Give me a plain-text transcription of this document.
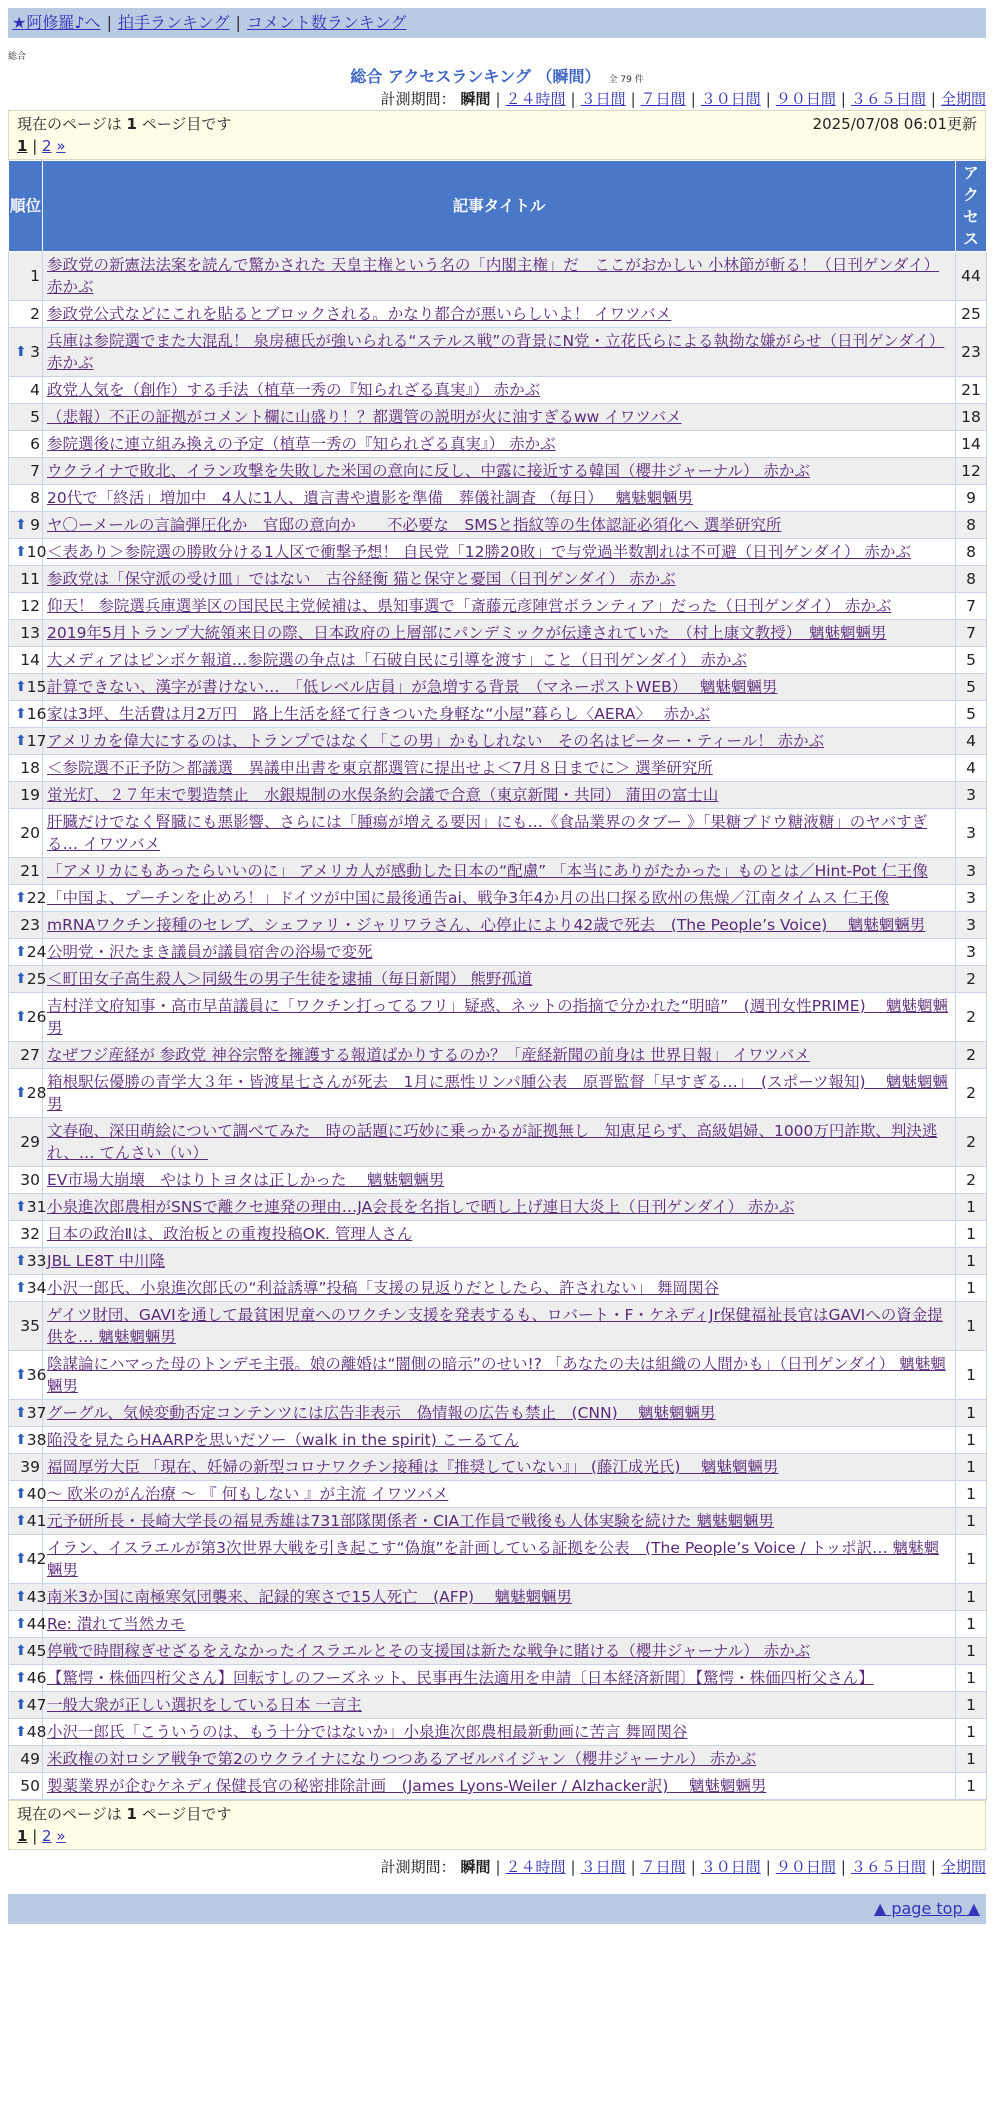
★阿修羅♪へ | 拍手ランキング | コメント数ランキング
総合
総合 アクセスランキング （瞬間） 全 79 件
計測期間： 瞬間 | ２４時間 | ３日間 | ７日間 | ３０日間 | ９０日間 | ３６５日間 | 全期間
現在のページは 1 ページ目です	2025/07/08 06:01更新
1 | 2 »
順位	記事タイトル	アクセス
1	参政党の新憲法法案を読んで驚かされた 天皇主権という名の「内閣主権」だ　ここがおかしい 小林節が斬る！（日刊ゲンダイ） 赤かぶ	44
2	参政党公式などにこれを貼るとブロックされる。かなり都合が悪いらしいよ！ イワツバメ	25

⬆ 3	兵庫は参院選でまた大混乱！ 泉房穂氏が強いられる“ステルス戦”の背景にN党・立花氏らによる執拗な嫌がらせ（日刊ゲンダイ） 赤かぶ	23
4	政党人気を（創作）する手法（植草一秀の『知られざる真実』） 赤かぶ	21
5	（悲報）不正の証拠がコメント欄に山盛り！？都選管の説明が火に油すぎるww イワツバメ	18
6	参院選後に連立組み換えの予定（植草一秀の『知られざる真実』） 赤かぶ	14
7	ウクライナで敗北、イラン攻撃を失敗した米国の意向に反し、中露に接近する韓国（櫻井ジャーナル） 赤かぶ	12
8	20代で「終活」増加中　4人に1人、遺言書や遺影を準備　葬儀社調査 （毎日）　 魑魅魍魎男	9

⬆ 9	ヤ〇ーメールの言論弾圧化か　官邸の意向か　　不必要な　SMSと指紋等の生体認証必須化へ 選挙研究所	8

⬆ 10	＜表あり＞参院選の勝敗分ける1人区で衝撃予想！ 自民党「12勝20敗」で与党過半数割れは不可避（日刊ゲンダイ） 赤かぶ	8
11	参政党は「保守派の受け皿」ではない　古谷経衡 猫と保守と憂国（日刊ゲンダイ） 赤かぶ	8
12	仰天！ 参院選兵庫選挙区の国民民主党候補は、県知事選で「斎藤元彦陣営ボランティア」だった（日刊ゲンダイ） 赤かぶ	7
13	2019年5月トランプ大統領来日の際、日本政府の上層部にパンデミックが伝達されていた　（村上康文教授）　魑魅魍魎男	7
14	大メディアはピンボケ報道…参院選の争点は「石破自民に引導を渡す」こと（日刊ゲンダイ） 赤かぶ	5

⬆ 15	計算できない、漢字が書けない…　「低レベル店員」が急増する背景　（マネーポストWEB）　 魑魅魍魎男	5

⬆ 16	家は3坪、生活費は月2万円　路上生活を経て行きついた身軽な“小屋”暮らし〈AERA〉　 赤かぶ	5

⬆ 17	アメリカを偉大にするのは、トランプではなく「この男」かもしれない　その名はピーター・ティール！ 赤かぶ	4
18	＜参院選不正予防＞都議選　異議申出書を東京都選管に提出せよ＜7月８日までに＞ 選挙研究所	4
19	蛍光灯、２７年末で製造禁止　水銀規制の水俣条約会議で合意（東京新聞・共同） 蒲田の富士山	3
20	肝臓だけでなく腎臓にも悪影響、さらには「腫瘍が増える要因」にも…《食品業界のタブー 》「果糖ブドウ糖液糖」のヤバすぎる… イワツバメ	3
21	「アメリカにもあったらいいのに」 アメリカ人が感動した日本の“配慮” 「本当にありがたかった」ものとは／Hint-Pot 仁王像	3

⬆ 22	「中国よ、プーチンを止めろ！」ドイツが中国に最後通告ai、戦争3年4か月の出口探る欧州の焦燥／江南タイムス 仁王像	3
23	mRNAワクチン接種のセレブ、シェファリ・ジャリワラさん、心停止により42歳で死去　(The People’s Voice)　 魑魅魍魎男	3

⬆ 24	公明党・沢たまき議員が議員宿舎の浴場で変死	3

⬆ 25	＜町田女子高生殺人＞同級生の男子生徒を逮捕（毎日新聞） 熊野孤道	2

⬆ 26	吉村洋文府知事・高市早苗議員に「ワクチン打ってるフリ」疑惑、ネットの指摘で分かれた“明暗”　(週刊女性PRIME)　 魑魅魍魎男	2
27	なぜフジ産経が 参政党 神谷宗幣を擁護する報道ばかりするのか？「産経新聞の前身は 世界日報」 イワツバメ	2

⬆ 28	箱根駅伝優勝の青学大３年・皆渡星七さんが死去　1月に悪性リンパ腫公表　原晋監督「早すぎる…」　(スポーツ報知)　 魑魅魍魎男	2
29	文春砲、深田萌絵について調べてみた　時の話題に巧妙に乗っかるが証拠無し　知恵足らず、高級娼婦、1000万円詐欺、判決逃れ、… てんさい（い）	2
30	EV市場大崩壊　やはりトヨタは正しかった　 魑魅魍魎男	2

⬆ 31	小泉進次郎農相がSNSで離クセ連発の理由…JA会長を名指しで晒し上げ連日大炎上（日刊ゲンダイ） 赤かぶ	1
32	日本の政治Ⅱは、政治板との重複投稿OK. 管理人さん	1

⬆ 33	JBL LE8T 中川隆	1

⬆ 34	小沢一郎氏、小泉進次郎氏の“利益誘導”投稿「支援の見返りだとしたら、許されない」 舞岡関谷	1
35	ゲイツ財団、GAVIを通して最貧困児童へのワクチン支援を発表するも、ロバート・F・ケネディJr保健福祉長官はGAVIへの資金提供を… 魑魅魍魎男	1

⬆ 36	陰謀論にハマった母のトンデモ主張。娘の離婚は“闇側の暗示”のせい!? 「あなたの夫は組織の人間かも」（日刊ゲンダイ） 魑魅魍魎男	1

⬆ 37	グーグル、気候変動否定コンテンツには広告非表示　偽情報の広告も禁止　(CNN)　 魑魅魍魎男	1

⬆ 38	陥没を見たらHAARPを思いだソー（walk in the spirit) こーるてん	1
39	福岡厚労大臣 「現在、妊婦の新型コロナワクチン接種は『推奨していない』」 (藤江成光氏)　 魑魅魍魎男	1

⬆ 40	～ 欧米のがん治療 ～ 『 何もしない 』が主流 イワツバメ	1

⬆ 41	元予研所長・長崎大学長の福見秀雄は731部隊関係者・CIA工作員で戦後も人体実験を続けた 魑魅魍魎男	1

⬆ 42	イラン、イスラエルが第3次世界大戦を引き起こす“偽旗”を計画している証拠を公表　(The People’s Voice / トッポ訳… 魑魅魍魎男	1

⬆ 43	南米3か国に南極寒気団襲来、記録的寒さで15人死亡　(AFP)　 魑魅魍魎男	1

⬆ 44	Re: 潰れて当然カモ	1

⬆ 45	停戦で時間稼ぎせざるをえなかったイスラエルとその支援国は新たな戦争に賭ける（櫻井ジャーナル） 赤かぶ	1

⬆ 46	【驚愕・株価四桁父さん】回転すしのフーズネット、民事再生法適用を申請〔日本経済新聞〕【驚愕・株価四桁父さん】	1

⬆ 47	一般大衆が正しい選択をしている日本 一言主	1

⬆ 48	小沢一郎氏「こういうのは、もう十分ではないか」小泉進次郎農相最新動画に苦言 舞岡関谷	1
49	米政権の対ロシア戦争で第2のウクライナになりつつあるアゼルバイジャン（櫻井ジャーナル） 赤かぶ	1
50	製薬業界が企むケネディ保健長官の秘密排除計画　(James Lyons-Weiler / Alzhacker訳)　 魑魅魍魎男	1
現在のページは 1 ページ目です
1 | 2 »
計測期間： 瞬間 | ２４時間 | ３日間 | ７日間 | ３０日間 | ９０日間 | ３６５日間 | 全期間
▲ page top ▲
